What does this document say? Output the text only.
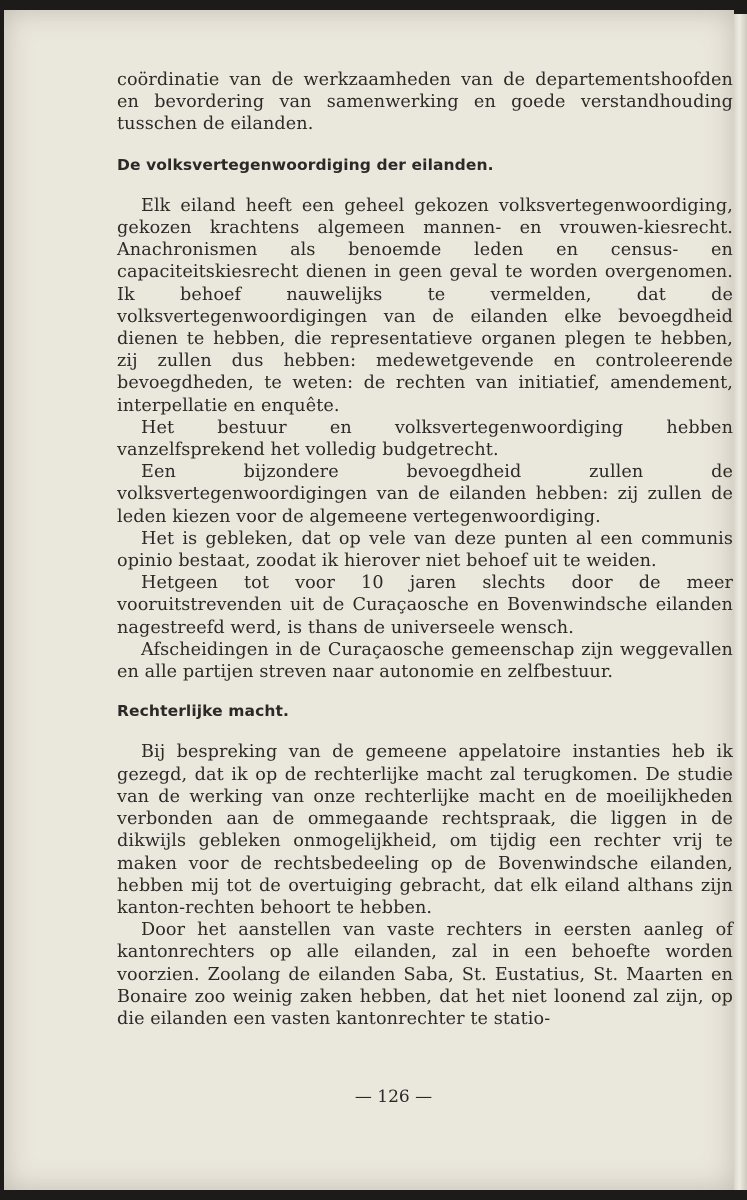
coördinatie van de werkzaamheden van de departementshoofden en bevordering van samenwerking en goede verstandhouding tusschen de eilanden.

De volksvertegenwoordiging der eilanden.

Elk eiland heeft een geheel gekozen volksvertegenwoordiging, gekozen krachtens algemeen mannen- en vrouwen-kiesrecht. Anachronismen als benoemde leden en census- en capaciteitskiesrecht dienen in geen geval te worden overgenomen. Ik behoef nauwelijks te vermelden, dat de volksvertegenwoordigingen van de eilanden elke bevoegdheid dienen te hebben, die representatieve organen plegen te hebben, zij zullen dus hebben: medewetgevende en controleerende bevoegdheden, te weten: de rechten van initiatief, amendement, interpellatie en enquête.

Het bestuur en volksvertegenwoordiging hebben vanzelfsprekend het volledig budgetrecht.

Een bijzondere bevoegdheid zullen de volksvertegenwoordigingen van de eilanden hebben: zij zullen de leden kiezen voor de algemeene vertegenwoordiging.

Het is gebleken, dat op vele van deze punten al een communis opinio bestaat, zoodat ik hierover niet behoef uit te weiden.

Hetgeen tot voor 10 jaren slechts door de meer vooruitstrevenden uit de Curaçaosche en Bovenwindsche eilanden nagestreefd werd, is thans de universeele wensch.

Afscheidingen in de Curaçaosche gemeenschap zijn weggevallen en alle partijen streven naar autonomie en zelfbestuur.

Rechterlijke macht.

Bij bespreking van de gemeene appelatoire instanties heb ik gezegd, dat ik op de rechterlijke macht zal terugkomen. De studie van de werking van onze rechterlijke macht en de moeilijkheden verbonden aan de ommegaande rechtspraak, die liggen in de dikwijls gebleken onmogelijkheid, om tijdig een rechter vrij te maken voor de rechtsbedeeling op de Bovenwindsche eilanden, hebben mij tot de overtuiging gebracht, dat elk eiland althans zijn kanton-rechten behoort te hebben.

Door het aanstellen van vaste rechters in eersten aanleg of kantonrechters op alle eilanden, zal in een behoefte worden voorzien. Zoolang de eilanden Saba, St. Eustatius, St. Maarten en Bonaire zoo weinig zaken hebben, dat het niet loonend zal zijn, op die eilanden een vasten kantonrechter te statio-

— 126 —
